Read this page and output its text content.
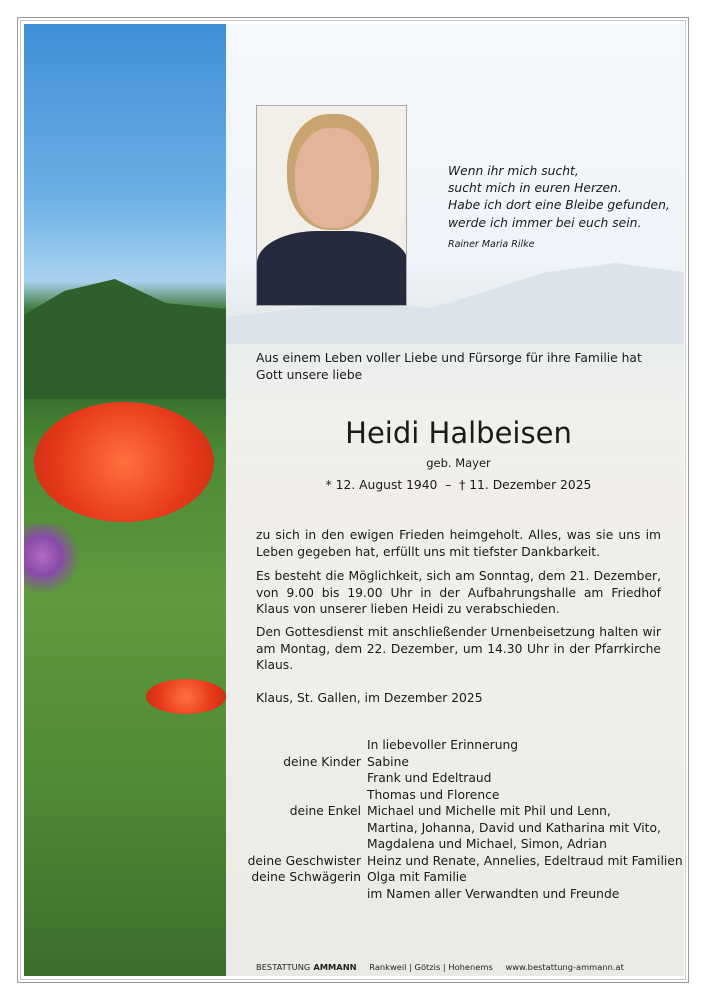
Wenn ihr mich sucht,
sucht mich in euren Herzen.
Habe ich dort eine Bleibe gefunden,
werde ich immer bei euch sein.
Rainer Maria Rilke
Aus einem Leben voller Liebe und Fürsorge für ihre Familie hat Gott unsere liebe
Heidi Halbeisen
geb. Mayer
* 12. August 1940  –  † 11. Dezember 2025
zu sich in den ewigen Frieden heimgeholt. Alles, was sie uns im Leben gegeben hat, erfüllt uns mit tiefster Dankbarkeit.
Es besteht die Möglichkeit, sich am Sonntag, dem 21. Dezember, von 9.00 bis 19.00 Uhr in der Aufbahrungshalle am Friedhof Klaus von unserer lieben Heidi zu verabschieden.
Den Gottesdienst mit anschließender Urnenbeisetzung halten wir am Montag, dem 22. Dezember, um 14.30 Uhr in der Pfarrkirche Klaus.
Klaus, St. Gallen, im Dezember 2025
In liebevoller Erinnerung
deine Kinder Sabine
Frank und Edeltraud
Thomas und Florence
deine Enkel Michael und Michelle mit Phil und Lenn,
Martina, Johanna, David und Katharina mit Vito,
Magdalena und Michael, Simon, Adrian
deine Geschwister Heinz und Renate, Annelies, Edeltraud mit Familien
deine Schwägerin Olga mit Familie
im Namen aller Verwandten und Freunde
BESTATTUNG AMMANN Rankweil | Götzis | Hohenems www.bestattung-ammann.at
